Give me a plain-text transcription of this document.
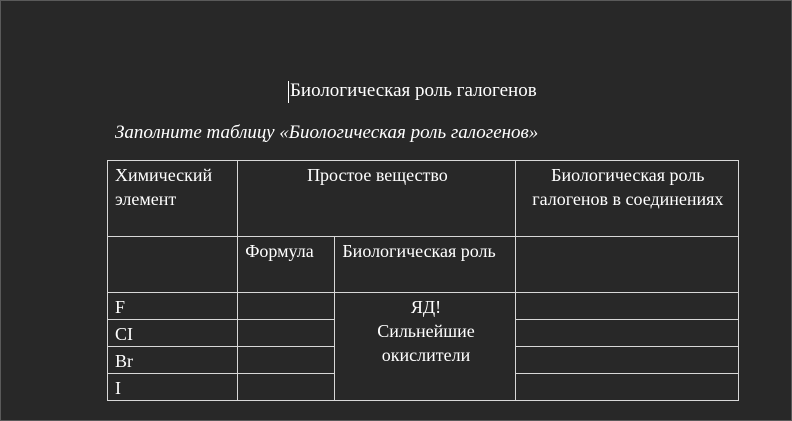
Биологическая роль галогенов
Заполните таблицу «Биологическая роль галогенов»
Химический элемент	Простое вещество		Биологическая роль галогенов в соединениях
	Формула	Биологическая роль	
F		ЯД!
Сильнейшие
окислители	

CI			
Br			
I			
